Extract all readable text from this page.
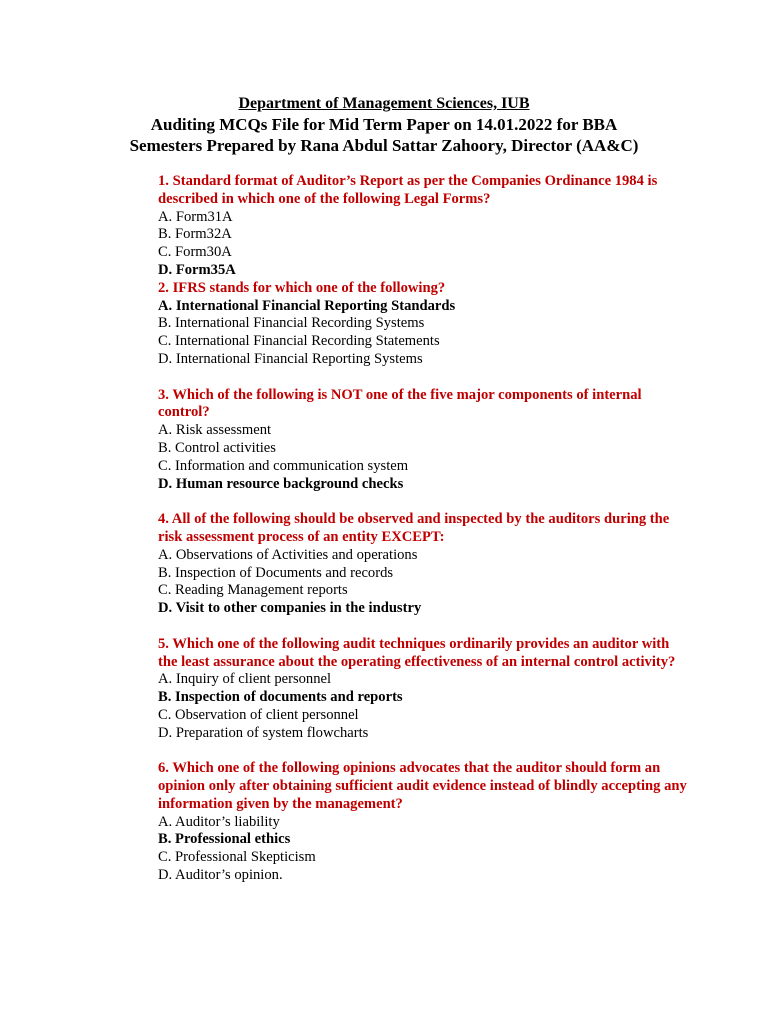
Department of Management Sciences, IUB
Auditing MCQs File for Mid Term Paper on 14.01.2022 for BBA
Semesters Prepared by Rana Abdul Sattar Zahoory, Director (AA&C)

1. Standard format of Auditor’s Report as per the Companies Ordinance 1984 is described in which one of the following Legal Forms?

A. Form31A

B. Form32A

C. Form30A

D. Form35A

2. IFRS stands for which one of the following?

A. International Financial Reporting Standards

B. International Financial Recording Systems

C. International Financial Recording Statements

D. International Financial Reporting Systems

3. Which of the following is NOT one of the five major components of internal control?

A. Risk assessment

B. Control activities

C. Information and communication system

D. Human resource background checks

4. All of the following should be observed and inspected by the auditors during the risk assessment process of an entity EXCEPT:

A. Observations of Activities and operations

B. Inspection of Documents and records

C. Reading Management reports

D. Visit to other companies in the industry

5. Which one of the following audit techniques ordinarily provides an auditor with the least assurance about the operating effectiveness of an internal control activity?

A. Inquiry of client personnel

B. Inspection of documents and reports

C. Observation of client personnel

D. Preparation of system flowcharts

6. Which one of the following opinions advocates that the auditor should form an opinion only after obtaining sufficient audit evidence instead of blindly accepting any information given by the management?

A. Auditor’s liability

B. Professional ethics

C. Professional Skepticism

D. Auditor’s opinion.
